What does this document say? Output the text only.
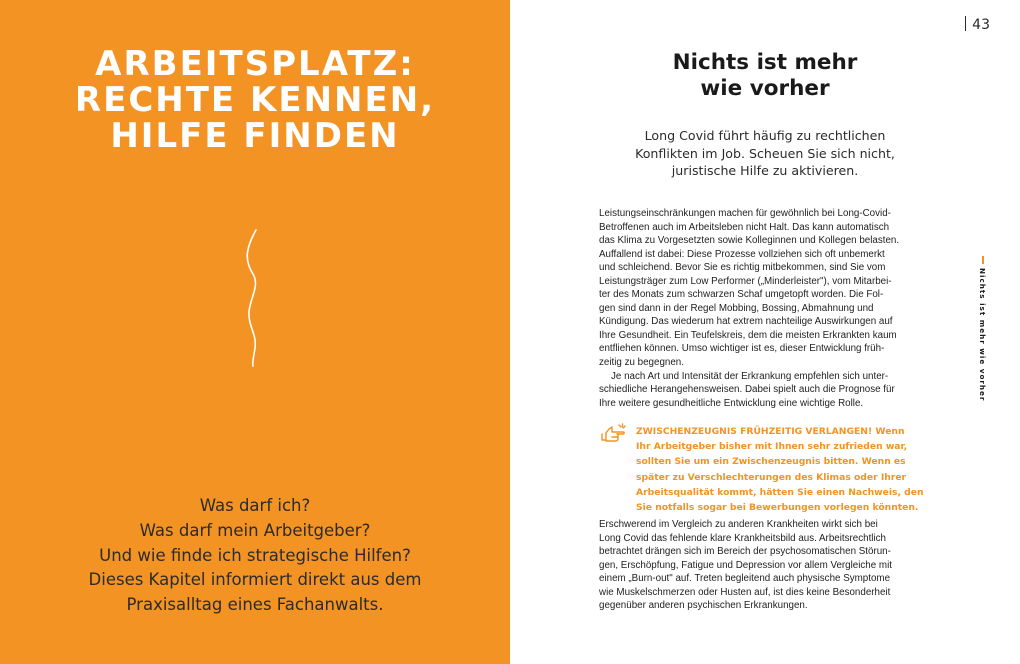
ARBEITSPLATZ:
RECHTE KENNEN,
HILFE FINDEN
Was darf ich?
Was darf mein Arbeitgeber?
Und wie finde ich strategische Hilfen?
Dieses Kapitel informiert direkt aus dem
Praxisalltag eines Fachanwalts.
43
Nichts ist mehr
wie vorher
Long Covid führt häufig zu rechtlichen
Konflikten im Job. Scheuen Sie sich nicht,
juristische Hilfe zu aktivieren.
Leistungseinschränkungen machen für gewöhnlich bei Long-Covid-
Betroffenen auch im Arbeitsleben nicht Halt. Das kann automatisch
das Klima zu Vorgesetzten sowie Kolleginnen und Kollegen belasten.
Auffallend ist dabei: Diese Prozesse vollziehen sich oft unbemerkt
und schleichend. Bevor Sie es richtig mitbekommen, sind Sie vom
Leistungsträger zum Low Performer („Minderleister"), vom Mitarbei-
ter des Monats zum schwarzen Schaf umgetopft worden. Die Fol-
gen sind dann in der Regel Mobbing, Bossing, Abmahnung und
Kündigung. Das wiederum hat extrem nachteilige Auswirkungen auf
Ihre Gesundheit. Ein Teufelskreis, dem die meisten Erkrankten kaum
entfliehen können. Umso wichtiger ist es, dieser Entwicklung früh-
zeitig zu begegnen.
Je nach Art und Intensität der Erkrankung empfehlen sich unter-
schiedliche Herangehensweisen. Dabei spielt auch die Prognose für
Ihre weitere gesundheitliche Entwicklung eine wichtige Rolle.
ZWISCHENZEUGNIS FRÜHZEITIG VERLANGEN! Wenn
Ihr Arbeitgeber bisher mit Ihnen sehr zufrieden war,
sollten Sie um ein Zwischenzeugnis bitten. Wenn es
später zu Verschlechterungen des Klimas oder Ihrer
Arbeitsqualität kommt, hätten Sie einen Nachweis, den
Sie notfalls sogar bei Bewerbungen vorlegen könnten.
Erschwerend im Vergleich zu anderen Krankheiten wirkt sich bei
Long Covid das fehlende klare Krankheitsbild aus. Arbeitsrechtlich
betrachtet drängen sich im Bereich der psychosomatischen Störun-
gen, Erschöpfung, Fatigue und Depression vor allem Vergleiche mit
einem „Burn-out" auf. Treten begleitend auch physische Symptome
wie Muskelschmerzen oder Husten auf, ist dies keine Besonderheit
gegenüber anderen psychischen Erkrankungen.
Nichts ist mehr wie vorher
